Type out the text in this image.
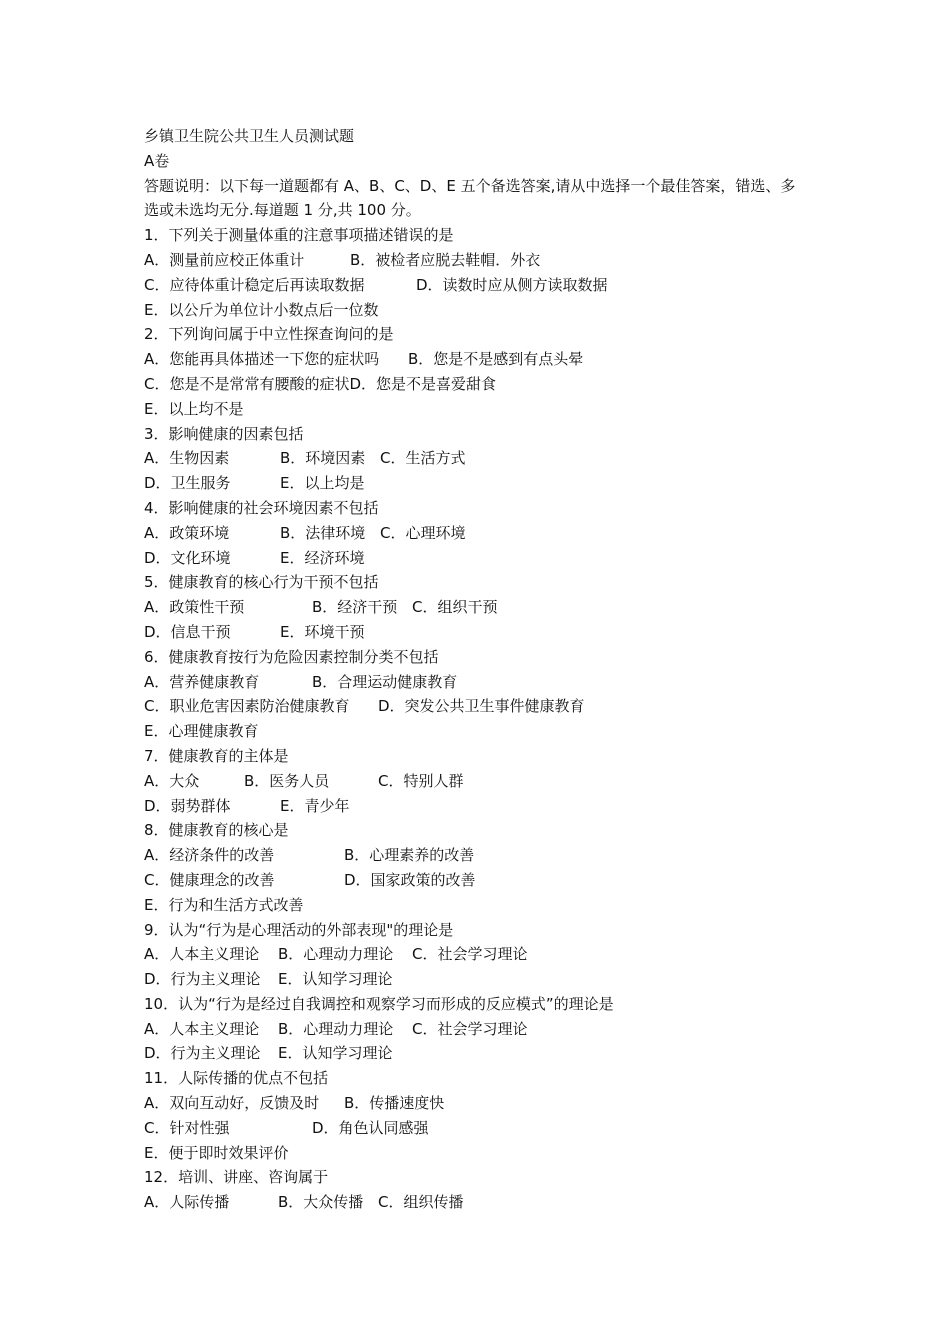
乡镇卫生院公共卫生人员测试题
A卷
答题说明：以下每一道题都有 A、B、C、D、E 五个备选答案,请从中选择一个最佳答案，错选、多选或未选均无分.每道题 1 分,共 100 分。
1．下列关于测量体重的注意事项描述错误的是
A．测量前应校正体重计	B．被检者应脱去鞋帽．外衣
C．应待体重计稳定后再读取数据	D．读数时应从侧方读取数据
E．以公斤为单位计小数点后一位数
2．下列询问属于中立性探查询问的是
A．您能再具体描述一下您的症状吗 B．您是不是感到有点头晕
C．您是不是常常有腰酸的症状D．您是不是喜爱甜食
E．以上均不是
3．影响健康的因素包括
A．生物因素	B．环境因素 C．生活方式
D．卫生服务	E．以上均是
4．影响健康的社会环境因素不包括
A．政策环境	B．法律环境 C．心理环境
D．文化环境	E．经济环境
5．健康教育的核心行为干预不包括
A．政策性干预	B．经济干预 C．组织干预
D．信息干预	E．环境干预
6．健康教育按行为危险因素控制分类不包括
A．营养健康教育	B．合理运动健康教育
C．职业危害因素防治健康教育 D．突发公共卫生事件健康教育
E．心理健康教育
7．健康教育的主体是
A．大众	B．医务人员	C．特别人群
D．弱势群体	E．青少年
8．健康教育的核心是
A．经济条件的改善	B．心理素养的改善
C．健康理念的改善	D．国家政策的改善
E．行为和生活方式改善
9．认为“行为是心理活动的外部表现"的理论是
A．人本主义理论 B．心理动力理论 C．社会学习理论
D．行为主义理论 E．认知学习理论
10．认为“行为是经过自我调控和观察学习而形成的反应模式”的理论是
A．人本主义理论 B．心理动力理论 C．社会学习理论
D．行为主义理论 E．认知学习理论
11．人际传播的优点不包括
A．双向互动好，反馈及时 B．传播速度快
C．针对性强	D．角色认同感强
E．便于即时效果评价
12．培训、讲座、咨询属于
A．人际传播	B．大众传播 C．组织传播
